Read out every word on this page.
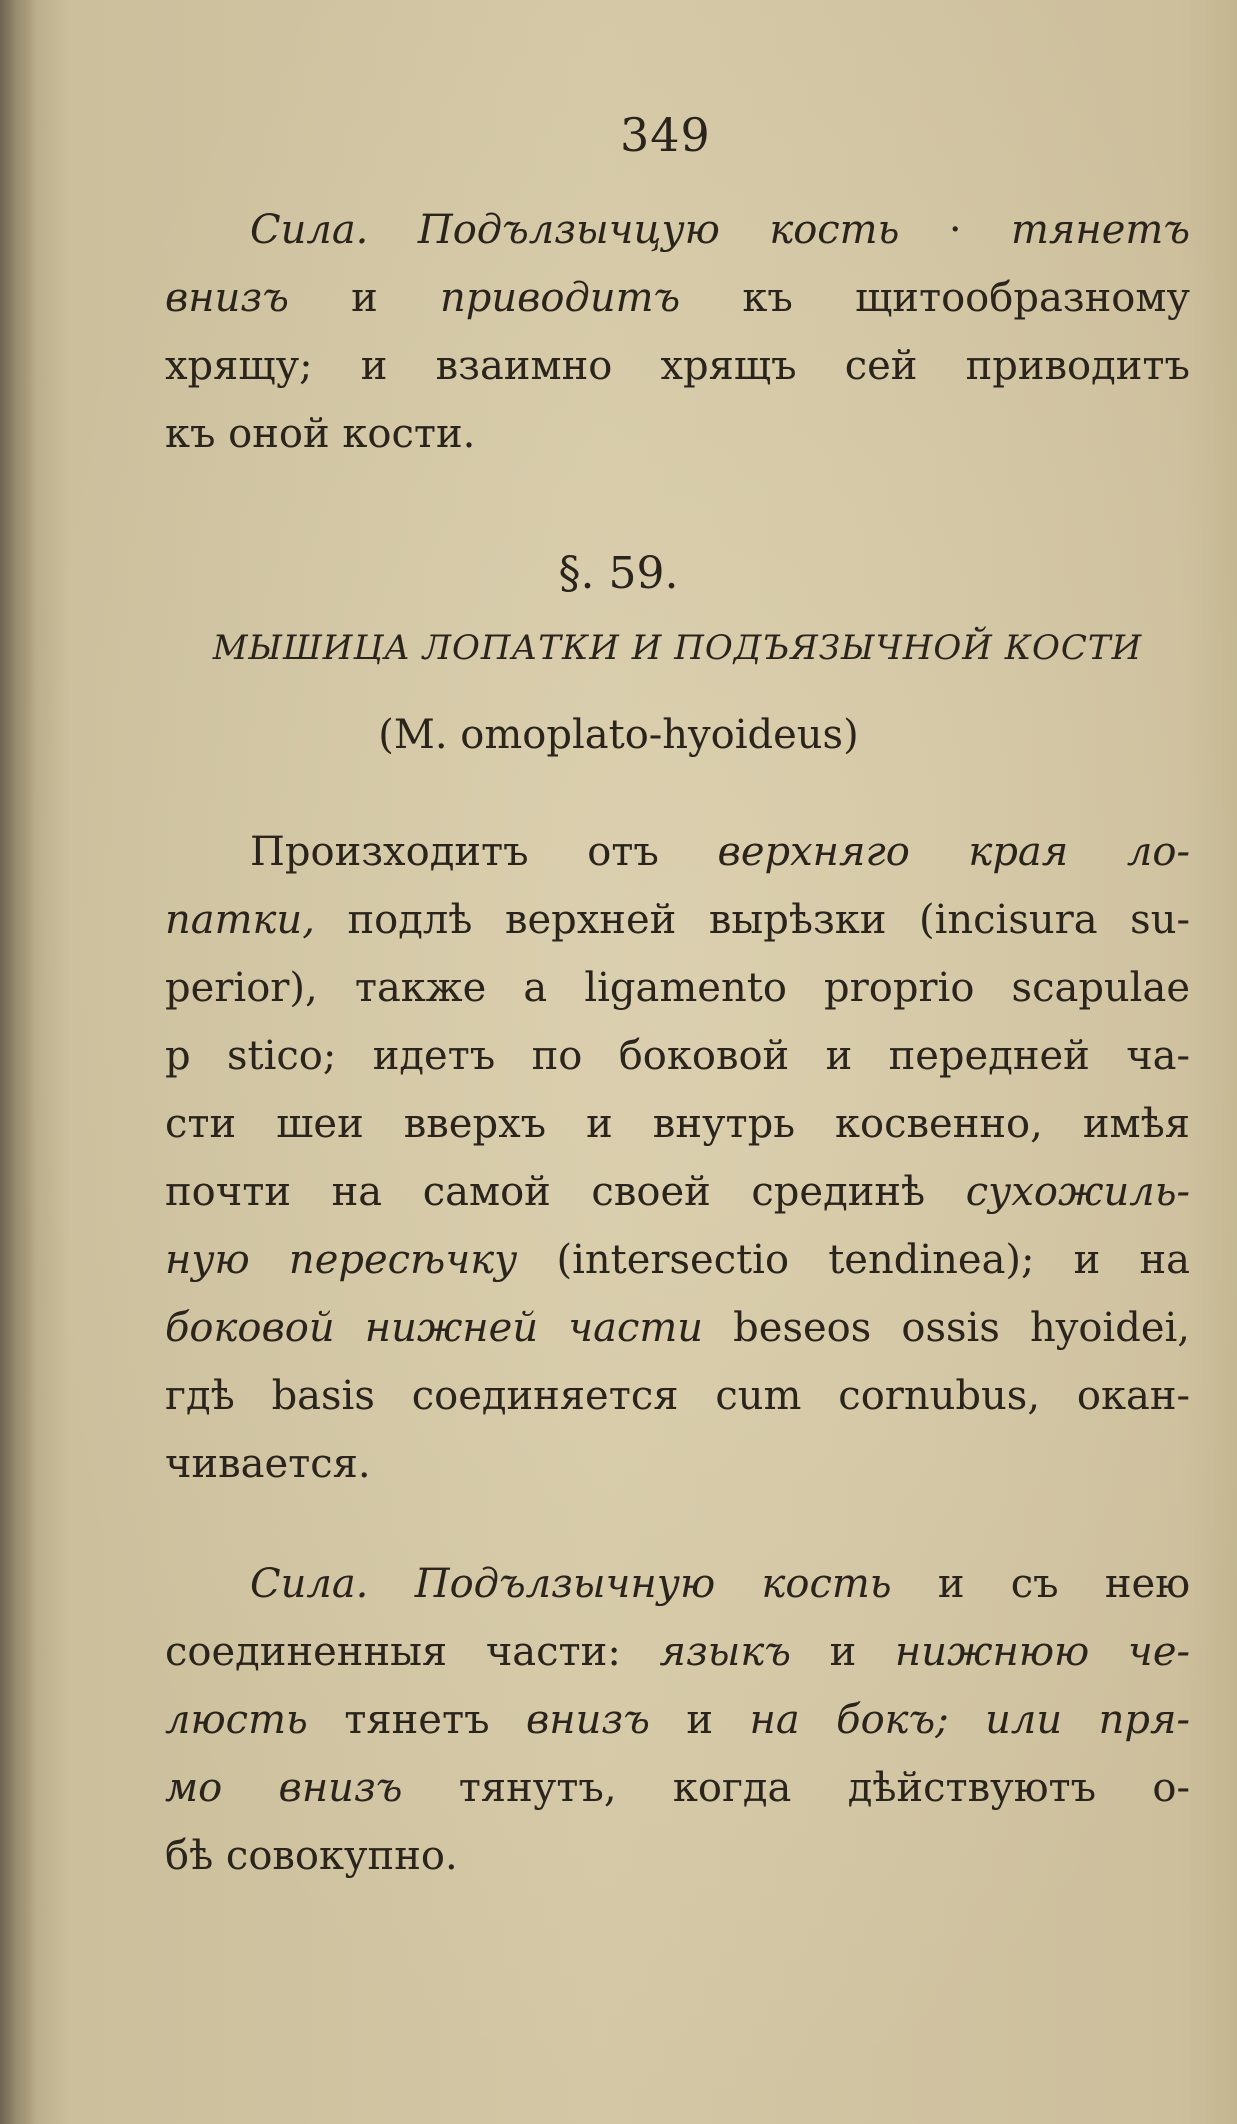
349
Сила. Подълзычцую кость · тянетъ
внизъ и приводитъ къ щитообразному
хрящу; и взаимно хрящъ сей приводитъ
къ оной кости.
§. 59.
МЫШИЦА ЛОПАТКИ И ПОДЪЯЗЫЧНОЙ КОСТИ
(M. omoplato-hyoideus)
Произходитъ отъ верхняго края ло-
патки, подлѣ верхней вырѣзки (incisura su-
perior), также a ligamento proprio scapulae
p stico; идетъ по боковой и передней ча-
сти шеи вверхъ и внутрь косвенно, имѣя
почти на самой своей срединѣ сухожиль-
ную пересѣчку (intersectio tendinea); и на
боковой нижней части beseos ossis hyoidei,
гдѣ basis соединяется cum cornubus, окан-
чивается.
Сила. Подълзычную кость и съ нею
соединенныя части: языкъ и нижнюю че-
люсть тянетъ внизъ и на бокъ; или пря-
мо внизъ тянутъ, когда дѣйствуютъ о-
бѣ совокупно.
